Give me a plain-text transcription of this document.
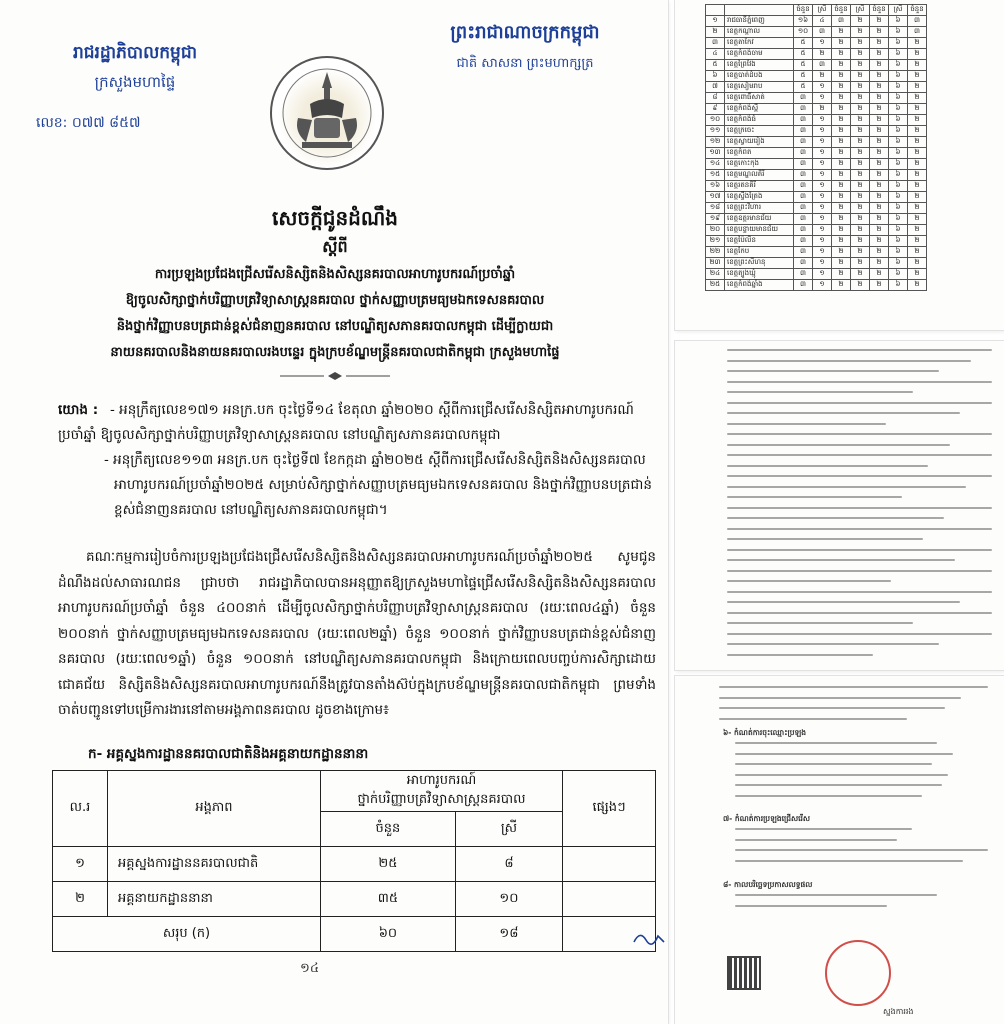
រាជរដ្ឋាភិបាលកម្ពុជា
ក្រសួងមហាផ្ទៃ
លេខ: ០៧៧ ៨៥៧
ព្រះរាជាណាចក្រកម្ពុជា
ជាតិ សាសនា ព្រះមហាក្សត្រ
សេចក្តីជូនដំណឹង
ស្តីពី
ការប្រឡងប្រជែងជ្រើសរើសនិស្សិតនិងសិស្សនគរបាលអាហារូបករណ៍ប្រចាំឆ្នាំ
ឱ្យចូលសិក្សាថ្នាក់បរិញ្ញាបត្រវិទ្យាសាស្ត្រនគរបាល ថ្នាក់សញ្ញាបត្រមធ្យមឯកទេសនគរបាល
និងថ្នាក់វិញ្ញាបនបត្រជាន់ខ្ពស់ជំនាញនគរបាល នៅបណ្ឌិត្យសភានគរបាលកម្ពុជា ដើម្បីក្លាយជា
នាយនគរបាលនិងនាយនគរបាលរងបន្ទេរ ក្នុងក្របខ័ណ្ឌមន្ត្រីនគរបាលជាតិកម្ពុជា ក្រសួងមហាផ្ទៃ
យោង : - អនុក្រឹត្យលេខ១៧១ អនក្រ.បក ចុះថ្ងៃទី១៤ ខែតុលា ឆ្នាំ២០២០ ស្តីពីការជ្រើសរើសនិស្សិតអាហារូបករណ៍ប្រចាំឆ្នាំ ឱ្យចូលសិក្សាថ្នាក់បរិញ្ញាបត្រវិទ្យាសាស្ត្រនគរបាល នៅបណ្ឌិត្យសភានគរបាលកម្ពុជា
- អនុក្រឹត្យលេខ១១៣ អនក្រ.បក ចុះថ្ងៃទី៧ ខែកក្កដា ឆ្នាំ២០២៥ ស្តីពីការជ្រើសរើសនិស្សិតនិងសិស្សនគរបាលអាហារូបករណ៍ប្រចាំឆ្នាំ២០២៥ សម្រាប់សិក្សាថ្នាក់សញ្ញាបត្រមធ្យមឯកទេសនគរបាល និងថ្នាក់វិញ្ញាបនបត្រជាន់ខ្ពស់ជំនាញនគរបាល នៅបណ្ឌិត្យសភានគរបាលកម្ពុជា។
គណៈកម្មការរៀបចំការប្រឡងប្រជែងជ្រើសរើសនិស្សិតនិងសិស្សនគរបាលអាហារូបករណ៍ប្រចាំឆ្នាំ២០២៥ សូមជូនដំណឹងដល់សាធារណជន ជ្រាបថា រាជរដ្ឋាភិបាលបានអនុញ្ញាតឱ្យក្រសួងមហាផ្ទៃជ្រើសរើសនិស្សិតនិងសិស្សនគរបាលអាហារូបករណ៍ប្រចាំឆ្នាំ ចំនួន ៤០០នាក់ ដើម្បីចូលសិក្សាថ្នាក់បរិញ្ញាបត្រវិទ្យាសាស្ត្រនគរបាល (រយៈពេល៤ឆ្នាំ) ចំនួន ២០០នាក់ ថ្នាក់សញ្ញាបត្រមធ្យមឯកទេសនគរបាល (រយៈពេល២ឆ្នាំ) ចំនួន ១០០នាក់ ថ្នាក់វិញ្ញាបនបត្រជាន់ខ្ពស់ជំនាញនគរបាល (រយៈពេល១ឆ្នាំ) ចំនួន ១០០នាក់ នៅបណ្ឌិត្យសភានគរបាលកម្ពុជា និងក្រោយពេលបញ្ចប់ការសិក្សាដោយជោគជ័យ និស្សិតនិងសិស្សនគរបាលអាហារូបករណ៍នឹងត្រូវបានតាំងស៊ប់ក្នុងក្របខ័ណ្ឌមន្ត្រីនគរបាលជាតិកម្ពុជា ព្រមទាំងចាត់បញ្ជូនទៅបម្រើការងារនៅតាមអង្គភាពនគរបាល ដូចខាងក្រោម៖
ក- អគ្គស្នងការដ្ឋាននគរបាលជាតិនិងអគ្គនាយកដ្ឋាននានា
ល.រ	អង្គភាព	អាហារូបករណ៍
ថ្នាក់បរិញ្ញាបត្រវិទ្យាសាស្ត្រនគរបាល		ផ្សេងៗ

		ចំនួន	ស្រី	
១	អគ្គស្នងការដ្ឋាននគរបាលជាតិ	២៥	៨	
២	អគ្គនាយកដ្ឋាននានា	៣៥	១០	
សរុប (ក)		៦០	១៨	
១៤
		ចំនួន	ស្រី	ចំនួន	ស្រី	ចំនួន	ស្រី	ចំនួន
១	រាជធានីភ្នំពេញ	១៦	៤	៣	២	២	៦	៣
២	ខេត្តកណ្តាល	១០	៣	២	២	២	៦	៣
៣	ខេត្តតាកែវ	៥	១	២	២	២	៦	២
៤	ខេត្តកំពង់ចាម	៥	២	២	២	២	៦	២
៥	ខេត្តព្រៃវែង	៥	៣	២	២	២	៦	២
៦	ខេត្តបាត់ដំបង	៥	២	២	២	២	៦	២
៧	ខេត្តសៀមរាប	៥	១	២	២	២	៦	២
៨	ខេត្តពោធិ៍សាត់	៣	១	២	២	២	៦	២
៩	ខេត្តកំពង់ស្ពឺ	៣	២	២	២	២	៦	២
១០	ខេត្តកំពង់ធំ	៣	១	២	២	២	៦	២
១១	ខេត្តក្រចេះ	៣	១	២	២	២	៦	២
១២	ខេត្តស្វាយរៀង	៣	១	២	២	២	៦	២
១៣	ខេត្តកំពត	៣	១	២	២	២	៦	២
១៤	ខេត្តកោះកុង	៣	១	២	២	២	៦	២
១៥	ខេត្តមណ្ឌលគិរី	៣	១	២	២	២	៦	២
១៦	ខេត្តរតនគិរី	៣	១	២	២	២	៦	២
១៧	ខេត្តស្ទឹងត្រែង	៣	១	២	២	២	៦	២
១៨	ខេត្តព្រះវិហារ	៣	១	២	២	២	៦	២
១៩	ខេត្តឧត្តរមានជ័យ	៣	១	២	២	២	៦	២
២០	ខេត្តបន្ទាយមានជ័យ	៣	១	២	២	២	៦	២
២១	ខេត្តប៉ៃលិន	៣	១	២	២	២	៦	២
២២	ខេត្តកែប	៣	១	២	២	២	៦	២
២៣	ខេត្តព្រះសីហនុ	៣	១	២	២	២	៦	២
២៤	ខេត្តត្បូងឃ្មុំ	៣	១	២	២	២	៦	២
២៥	ខេត្តកំពង់ឆ្នាំង	៣	១	២	២	២	៦	២
៦- កំណត់ការចុះឈ្មោះប្រឡង
៧- កំណត់ការប្រឡងជ្រើសរើស
៨- កាលបរិច្ឆេទប្រកាសលទ្ធផល
ស្នងការរង
